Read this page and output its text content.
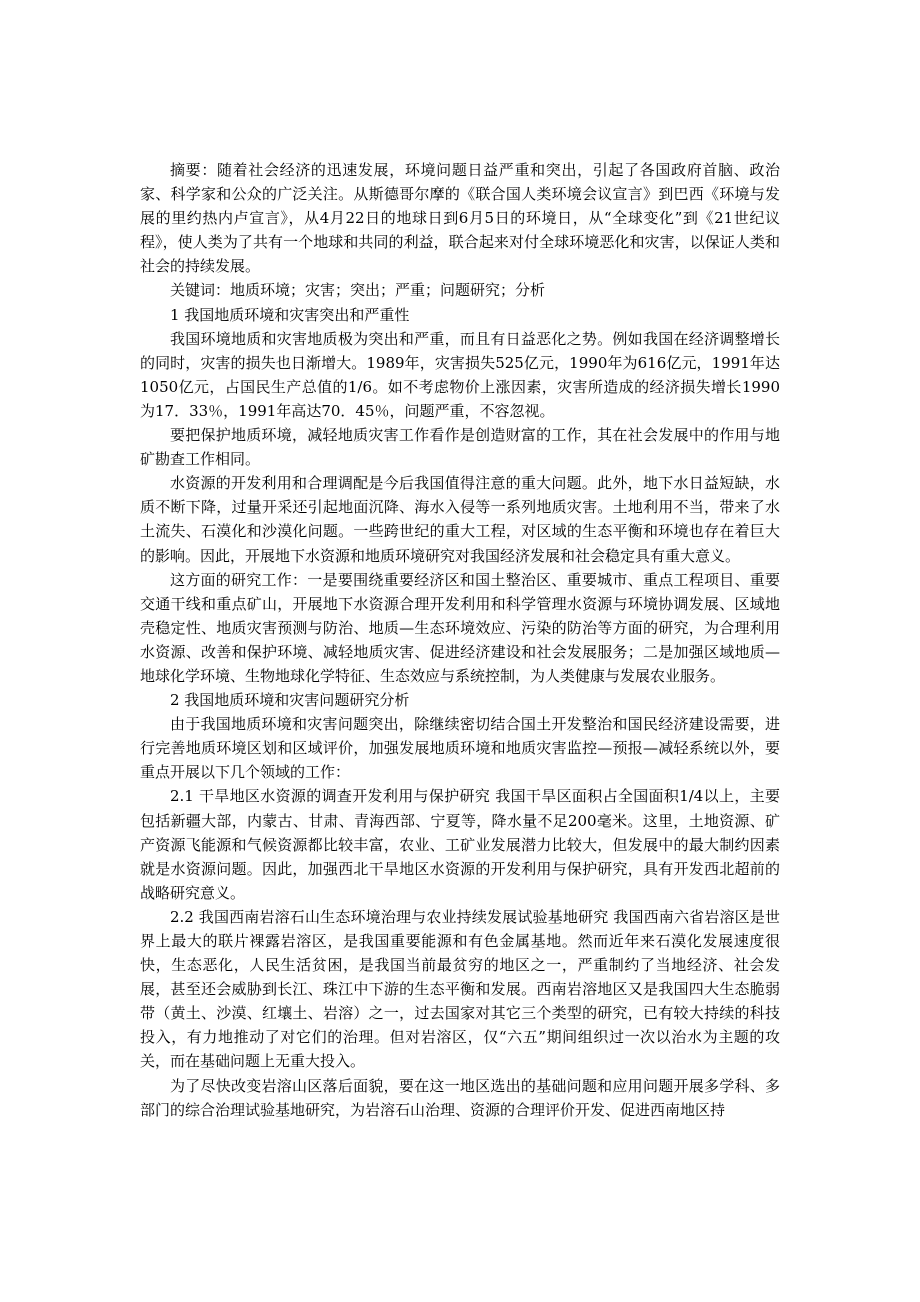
摘要：随着社会经济的迅速发展，环境问题日益严重和突出，引起了各国政府首脑、政治家、科学家和公众的广泛关注。从斯德哥尔摩的《联合国人类环境会议宣言》到巴西《环境与发展的里约热内卢宣言》，从4月22日的地球日到6月5日的环境日，从“全球变化”到《21世纪议程》，使人类为了共有一个地球和共同的利益，联合起来对付全球环境恶化和灾害，以保证人类和社会的持续发展。

关键词：地质环境；灾害；突出；严重；问题研究；分析

1 我国地质环境和灾害突出和严重性

我国环境地质和灾害地质极为突出和严重，而且有日益恶化之势。例如我国在经济调整增长的同时，灾害的损失也日渐增大。1989年，灾害损失525亿元，1990年为616亿元，1991年达1050亿元，占国民生产总值的1/6。如不考虑物价上涨因素，灾害所造成的经济损失增长1990为17．33％，1991年高达70．45％，问题严重，不容忽视。

要把保护地质环境，减轻地质灾害工作看作是创造财富的工作，其在社会发展中的作用与地矿勘查工作相同。

水资源的开发利用和合理调配是今后我国值得注意的重大问题。此外，地下水日益短缺，水质不断下降，过量开采还引起地面沉降、海水入侵等一系列地质灾害。土地利用不当，带来了水土流失、石漠化和沙漠化问题。一些跨世纪的重大工程，对区域的生态平衡和环境也存在着巨大的影响。因此，开展地下水资源和地质环境研究对我国经济发展和社会稳定具有重大意义。

这方面的研究工作：一是要围绕重要经济区和国土整治区、重要城市、重点工程项目、重要交通干线和重点矿山，开展地下水资源合理开发利用和科学管理水资源与环境协调发展、区域地壳稳定性、地质灾害预测与防治、地质—生态环境效应、污染的防治等方面的研究，为合理利用水资源、改善和保护环境、减轻地质灾害、促进经济建设和社会发展服务；二是加强区域地质—地球化学环境、生物地球化学特征、生态效应与系统控制，为人类健康与发展农业服务。

2 我国地质环境和灾害问题研究分析

由于我国地质环境和灾害问题突出，除继续密切结合国土开发整治和国民经济建设需要，进行完善地质环境区划和区域评价，加强发展地质环境和地质灾害监控—预报—减轻系统以外，要重点开展以下几个领域的工作：

2.1 干旱地区水资源的调查开发利用与保护研究 我国干旱区面积占全国面积1/4以上，主要包括新疆大部，内蒙古、甘肃、青海西部、宁夏等，降水量不足200毫米。这里，土地资源、矿产资源飞能源和气候资源都比较丰富，农业、工矿业发展潜力比较大，但发展中的最大制约因素就是水资源问题。因此，加强西北干旱地区水资源的开发利用与保护研究，具有开发西北超前的战略研究意义。

2.2 我国西南岩溶石山生态环境治理与农业持续发展试验基地研究 我国西南六省岩溶区是世界上最大的联片裸露岩溶区，是我国重要能源和有色金属基地。然而近年来石漠化发展速度很快，生态恶化，人民生活贫困，是我国当前最贫穷的地区之一，严重制约了当地经济、社会发展，甚至还会威胁到长江、珠江中下游的生态平衡和发展。西南岩溶地区又是我国四大生态脆弱带（黄土、沙漠、红壤土、岩溶）之一，过去国家对其它三个类型的研究，已有较大持续的科技投入，有力地推动了对它们的治理。但对岩溶区，仅“六五”期间组织过一次以治水为主题的攻关，而在基础问题上无重大投入。

为了尽快改变岩溶山区落后面貌，要在这一地区选出的基础问题和应用问题开展多学科、多部门的综合治理试验基地研究，为岩溶石山治理、资源的合理评价开发、促进西南地区持
